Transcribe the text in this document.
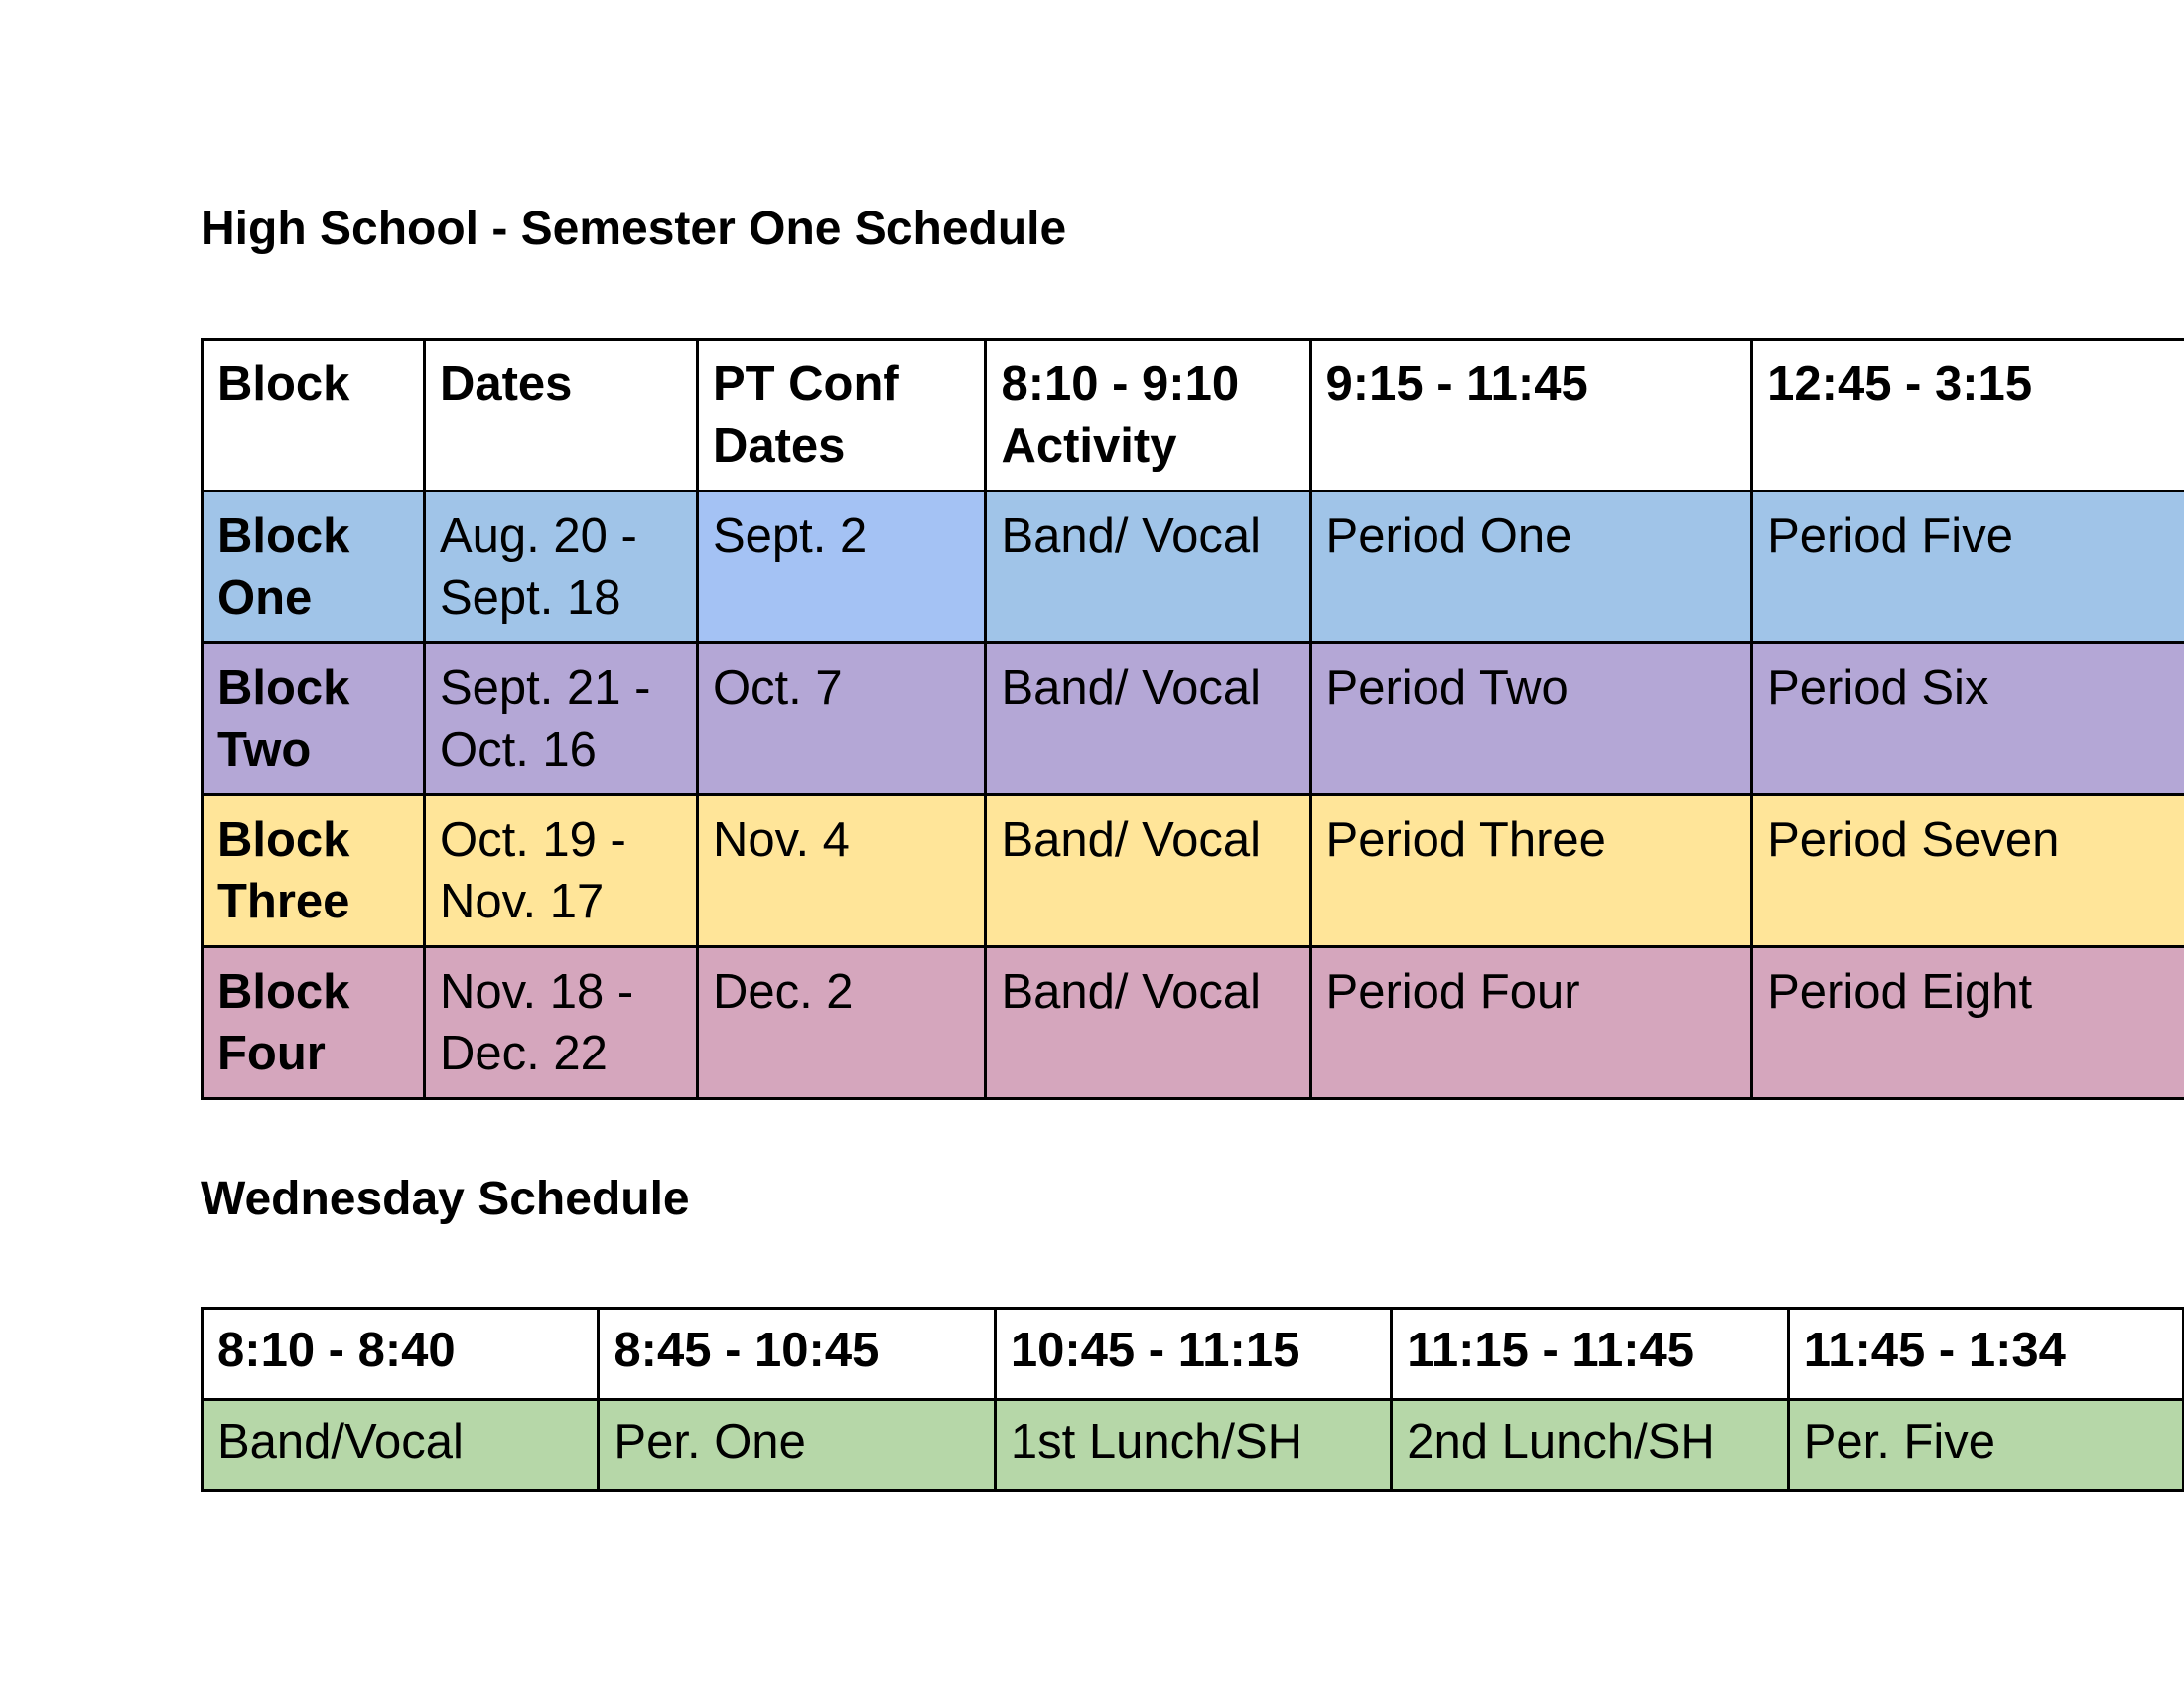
High School - Semester One Schedule
Block	Dates	PT Conf Dates	8:10 - 9:10 Activity	9:15 - 11:45	12:45 - 3:15
Block One	Aug. 20 - Sept. 18	Sept. 2	Band/ Vocal	Period One	Period Five
Block Two	Sept. 21 - Oct. 16	Oct. 7	Band/ Vocal	Period Two	Period Six
Block Three	Oct. 19 - Nov. 17	Nov. 4	Band/ Vocal	Period Three	Period Seven
Block Four	Nov. 18 - Dec. 22	Dec. 2	Band/ Vocal	Period Four	Period Eight
Wednesday Schedule
8:10 - 8:40	8:45 - 10:45	10:45 - 11:15	11:15 - 11:45	11:45 - 1:34
Band/Vocal	Per. One	1st Lunch/SH	2nd Lunch/SH	Per. Five
